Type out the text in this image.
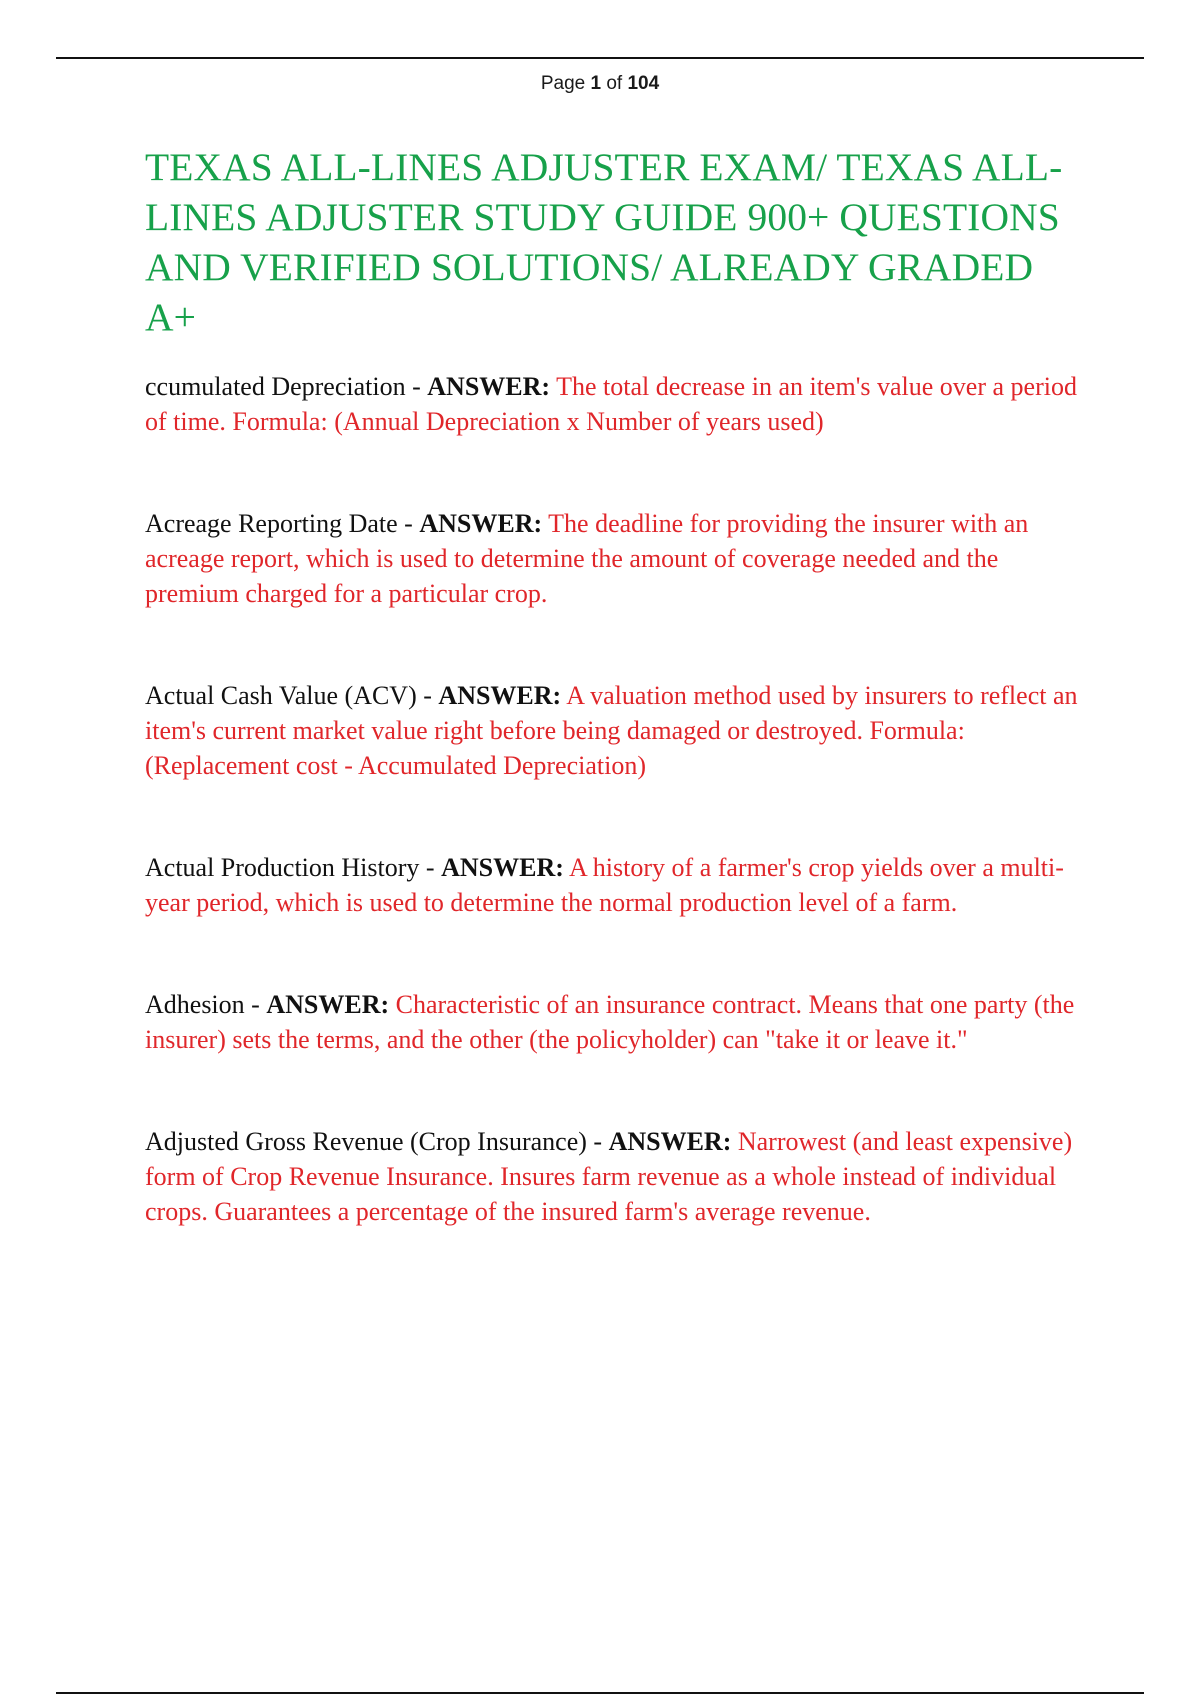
Page 1 of 104
TEXAS ALL-LINES ADJUSTER EXAM/ TEXAS ALL-LINES ADJUSTER STUDY GUIDE 900+ QUESTIONS AND VERIFIED SOLUTIONS/ ALREADY GRADED A+
ccumulated Depreciation - ANSWER: The total decrease in an item's value over a period of time. Formula: (Annual Depreciation x Number of years used)
Acreage Reporting Date - ANSWER: The deadline for providing the insurer with an acreage report, which is used to determine the amount of coverage needed and the premium charged for a particular crop.
Actual Cash Value (ACV) - ANSWER: A valuation method used by insurers to reflect an item's current market value right before being damaged or destroyed. Formula: (Replacement cost - Accumulated Depreciation)
Actual Production History - ANSWER: A history of a farmer's crop yields over a multi-year period, which is used to determine the normal production level of a farm.
Adhesion - ANSWER: Characteristic of an insurance contract. Means that one party (the insurer) sets the terms, and the other (the policyholder) can "take it or leave it."
Adjusted Gross Revenue (Crop Insurance) - ANSWER: Narrowest (and least expensive) form of Crop Revenue Insurance. Insures farm revenue as a whole instead of individual crops. Guarantees a percentage of the insured farm's average revenue.
